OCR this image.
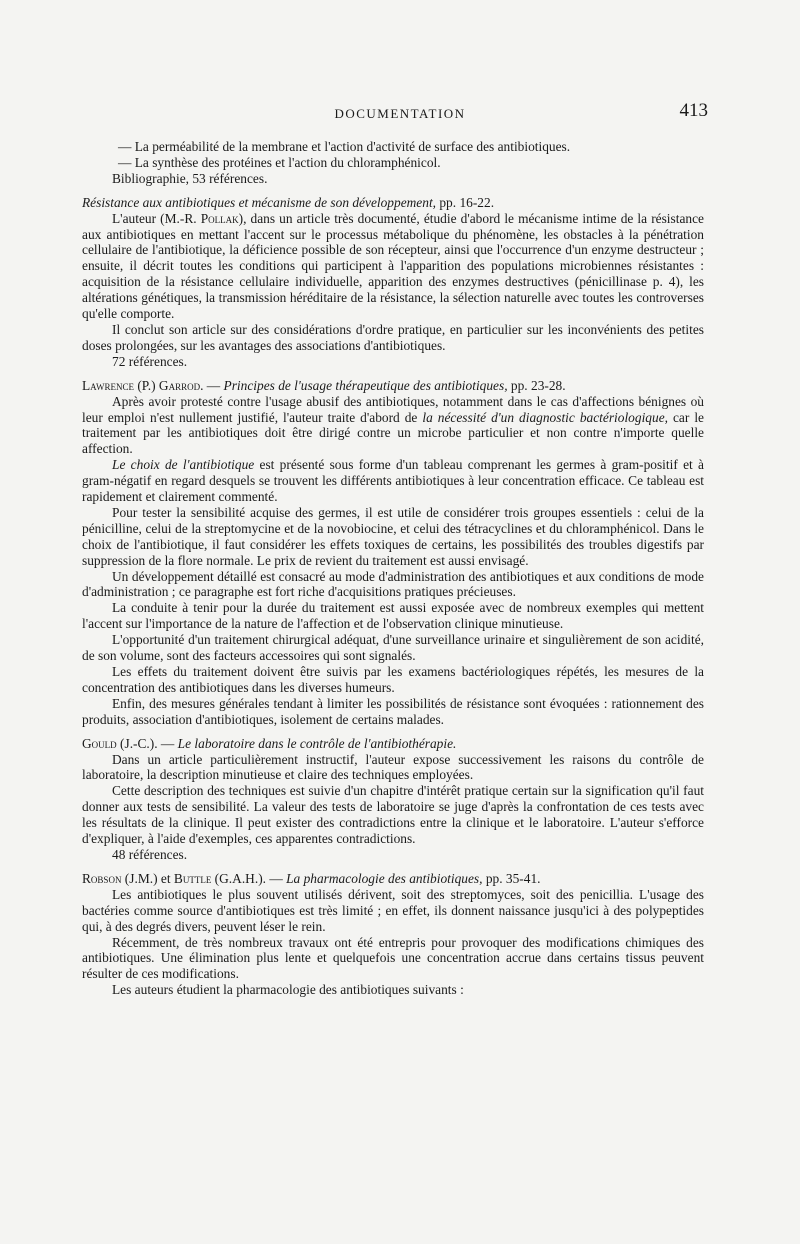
DOCUMENTATION	413

— La perméabilité de la membrane et l'action d'activité de surface des antibiotiques.

— La synthèse des protéines et l'action du chloramphénicol.

Bibliographie, 53 références.

Résistance aux antibiotiques et mécanisme de son développement, pp. 16-22.

L'auteur (M.-R. Pollak), dans un article très documenté, étudie d'abord le mécanisme intime de la résistance aux antibiotiques en mettant l'accent sur le processus métabolique du phénomène, les obstacles à la pénétration cellulaire de l'antibiotique, la déficience possible de son récepteur, ainsi que l'occurrence d'un enzyme destructeur ; ensuite, il décrit toutes les conditions qui participent à l'apparition des populations microbiennes résistantes : acquisition de la résistance cellulaire individuelle, apparition des enzymes destructives (pénicillinase p. 4), les altérations génétiques, la transmission héréditaire de la résistance, la sélection naturelle avec toutes les controverses qu'elle comporte.

Il conclut son article sur des considérations d'ordre pratique, en particulier sur les inconvénients des petites doses prolongées, sur les avantages des associations d'antibiotiques.

72 références.

Lawrence (P.) Garrod. — Principes de l'usage thérapeutique des antibiotiques, pp. 23-28.

Après avoir protesté contre l'usage abusif des antibiotiques, notamment dans le cas d'affections bénignes où leur emploi n'est nullement justifié, l'auteur traite d'abord de la nécessité d'un diagnostic bactériologique, car le traitement par les antibiotiques doit être dirigé contre un microbe particulier et non contre n'importe quelle affection.

Le choix de l'antibiotique est présenté sous forme d'un tableau comprenant les germes à gram-positif et à gram-négatif en regard desquels se trouvent les différents antibiotiques à leur concentration efficace. Ce tableau est rapidement et clairement commenté.

Pour tester la sensibilité acquise des germes, il est utile de considérer trois groupes essentiels : celui de la pénicilline, celui de la streptomycine et de la novobiocine, et celui des tétracyclines et du chloramphénicol. Dans le choix de l'antibiotique, il faut considérer les effets toxiques de certains, les possibilités des troubles digestifs par suppression de la flore normale. Le prix de revient du traitement est aussi envisagé.

Un développement détaillé est consacré au mode d'administration des antibiotiques et aux conditions de mode d'administration ; ce paragraphe est fort riche d'acquisitions pratiques précieuses.

La conduite à tenir pour la durée du traitement est aussi exposée avec de nombreux exemples qui mettent l'accent sur l'importance de la nature de l'affection et de l'observation clinique minutieuse.

L'opportunité d'un traitement chirurgical adéquat, d'une surveillance urinaire et singulièrement de son acidité, de son volume, sont des facteurs accessoires qui sont signalés.

Les effets du traitement doivent être suivis par les examens bactériologiques répétés, les mesures de la concentration des antibiotiques dans les diverses humeurs.

Enfin, des mesures générales tendant à limiter les possibilités de résistance sont évoquées : rationnement des produits, association d'antibiotiques, isolement de certains malades.

Gould (J.-C.). — Le laboratoire dans le contrôle de l'antibiothérapie.

Dans un article particulièrement instructif, l'auteur expose successivement les raisons du contrôle de laboratoire, la description minutieuse et claire des techniques employées.

Cette description des techniques est suivie d'un chapitre d'intérêt pratique certain sur la signification qu'il faut donner aux tests de sensibilité. La valeur des tests de laboratoire se juge d'après la confrontation de ces tests avec les résultats de la clinique. Il peut exister des contradictions entre la clinique et le laboratoire. L'auteur s'efforce d'expliquer, à l'aide d'exemples, ces apparentes contradictions.

48 références.

Robson (J.M.) et Buttle (G.A.H.). — La pharmacologie des antibiotiques, pp. 35-41.

Les antibiotiques le plus souvent utilisés dérivent, soit des streptomyces, soit des penicillia. L'usage des bactéries comme source d'antibiotiques est très limité ; en effet, ils donnent naissance jusqu'ici à des polypeptides qui, à des degrés divers, peuvent léser le rein.

Récemment, de très nombreux travaux ont été entrepris pour provoquer des modifications chimiques des antibiotiques. Une élimination plus lente et quelquefois une concentration accrue dans certains tissus peuvent résulter de ces modifications.

Les auteurs étudient la pharmacologie des antibiotiques suivants :
